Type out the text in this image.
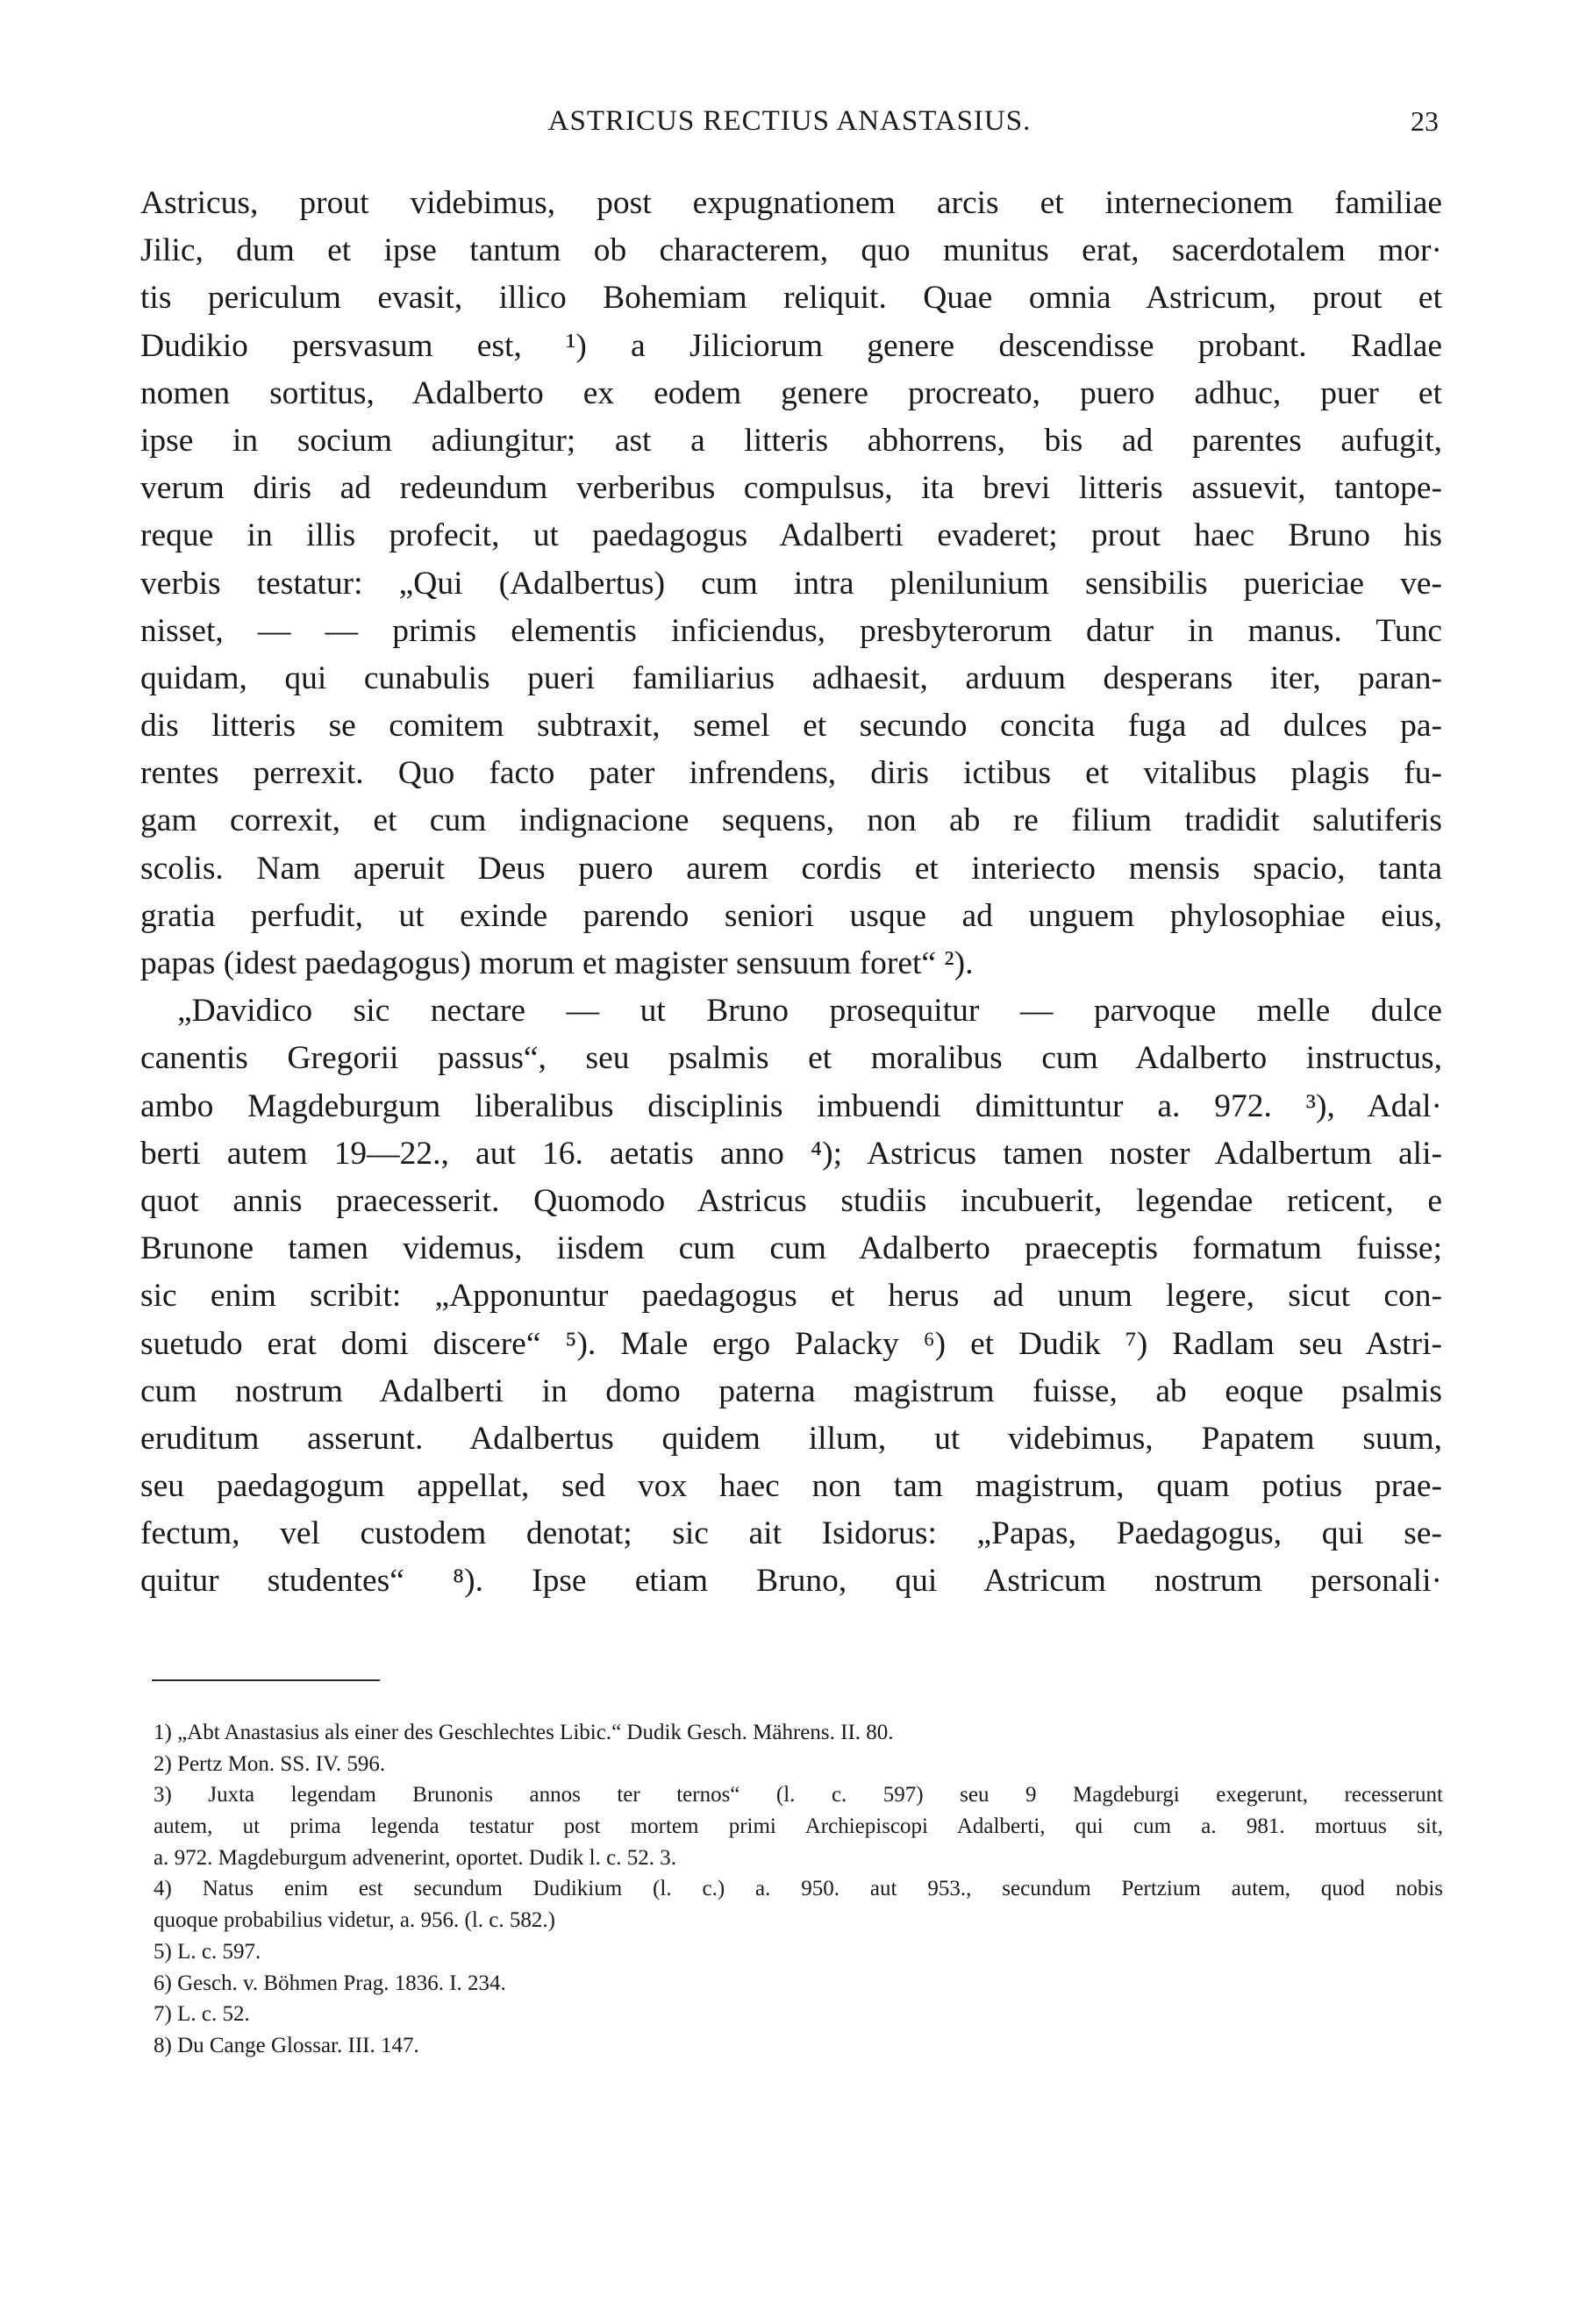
ASTRICUS RECTIUS ANASTASIUS.	23
Astricus, prout videbimus, post expugnationem arcis et internecionem familiae
Jilic, dum et ipse tantum ob characterem, quo munitus erat, sacerdotalem mor·
tis periculum evasit, illico Bohemiam reliquit. Quae omnia Astricum, prout et
Dudikio persvasum est, ¹) a Jiliciorum genere descendisse probant. Radlae
nomen sortitus, Adalberto ex eodem genere procreato, puero adhuc, puer et
ipse in socium adiungitur; ast a litteris abhorrens, bis ad parentes aufugit,
verum diris ad redeundum verberibus compulsus, ita brevi litteris assuevit, tantope-
reque in illis profecit, ut paedagogus Adalberti evaderet; prout haec Bruno his
verbis testatur: „Qui (Adalbertus) cum intra plenilunium sensibilis puericiae ve-
nisset, — — primis elementis inficiendus, presbyterorum datur in manus. Tunc
quidam, qui cunabulis pueri familiarius adhaesit, arduum desperans iter, paran-
dis litteris se comitem subtraxit, semel et secundo concita fuga ad dulces pa-
rentes perrexit. Quo facto pater infrendens, diris ictibus et vitalibus plagis fu-
gam correxit, et cum indignacione sequens, non ab re filium tradidit salutiferis
scolis. Nam aperuit Deus puero aurem cordis et interiecto mensis spacio, tanta
gratia perfudit, ut exinde parendo seniori usque ad unguem phylosophiae eius,
papas (idest paedagogus) morum et magister sensuum foret“ ²).
„Davidico sic nectare — ut Bruno prosequitur — parvoque melle dulce
canentis Gregorii passus“, seu psalmis et moralibus cum Adalberto instructus,
ambo Magdeburgum liberalibus disciplinis imbuendi dimittuntur a. 972. ³), Adal·
berti autem 19—22., aut 16. aetatis anno ⁴); Astricus tamen noster Adalbertum ali-
quot annis praecesserit. Quomodo Astricus studiis incubuerit, legendae reticent, e
Brunone tamen videmus, iisdem cum cum Adalberto praeceptis formatum fuisse;
sic enim scribit: „Apponuntur paedagogus et herus ad unum legere, sicut con-
suetudo erat domi discere“ ⁵). Male ergo Palacky ⁶) et Dudik ⁷) Radlam seu Astri-
cum nostrum Adalberti in domo paterna magistrum fuisse, ab eoque psalmis
eruditum asserunt. Adalbertus quidem illum, ut videbimus, Papatem suum,
seu paedagogum appellat, sed vox haec non tam magistrum, quam potius prae-
fectum, vel custodem denotat; sic ait Isidorus: „Papas, Paedagogus, qui se-
quitur studentes“ ⁸). Ipse etiam Bruno, qui Astricum nostrum personali·
1) „Abt Anastasius als einer des Geschlechtes Libic.“ Dudik Gesch. Mährens. II. 80.
2) Pertz Mon. SS. IV. 596.
3) Juxta legendam Brunonis annos ter ternos“ (l. c. 597) seu 9 Magdeburgi exegerunt, recesserunt
autem, ut prima legenda testatur post mortem primi Archiepiscopi Adalberti, qui cum a. 981. mortuus sit,
a. 972. Magdeburgum advenerint, oportet. Dudik l. c. 52. 3.
4) Natus enim est secundum Dudikium (l. c.) a. 950. aut 953., secundum Pertzium autem, quod nobis
quoque probabilius videtur, a. 956. (l. c. 582.)
5) L. c. 597.
6) Gesch. v. Böhmen Prag. 1836. I. 234.
7) L. c. 52.
8) Du Cange Glossar. III. 147.
